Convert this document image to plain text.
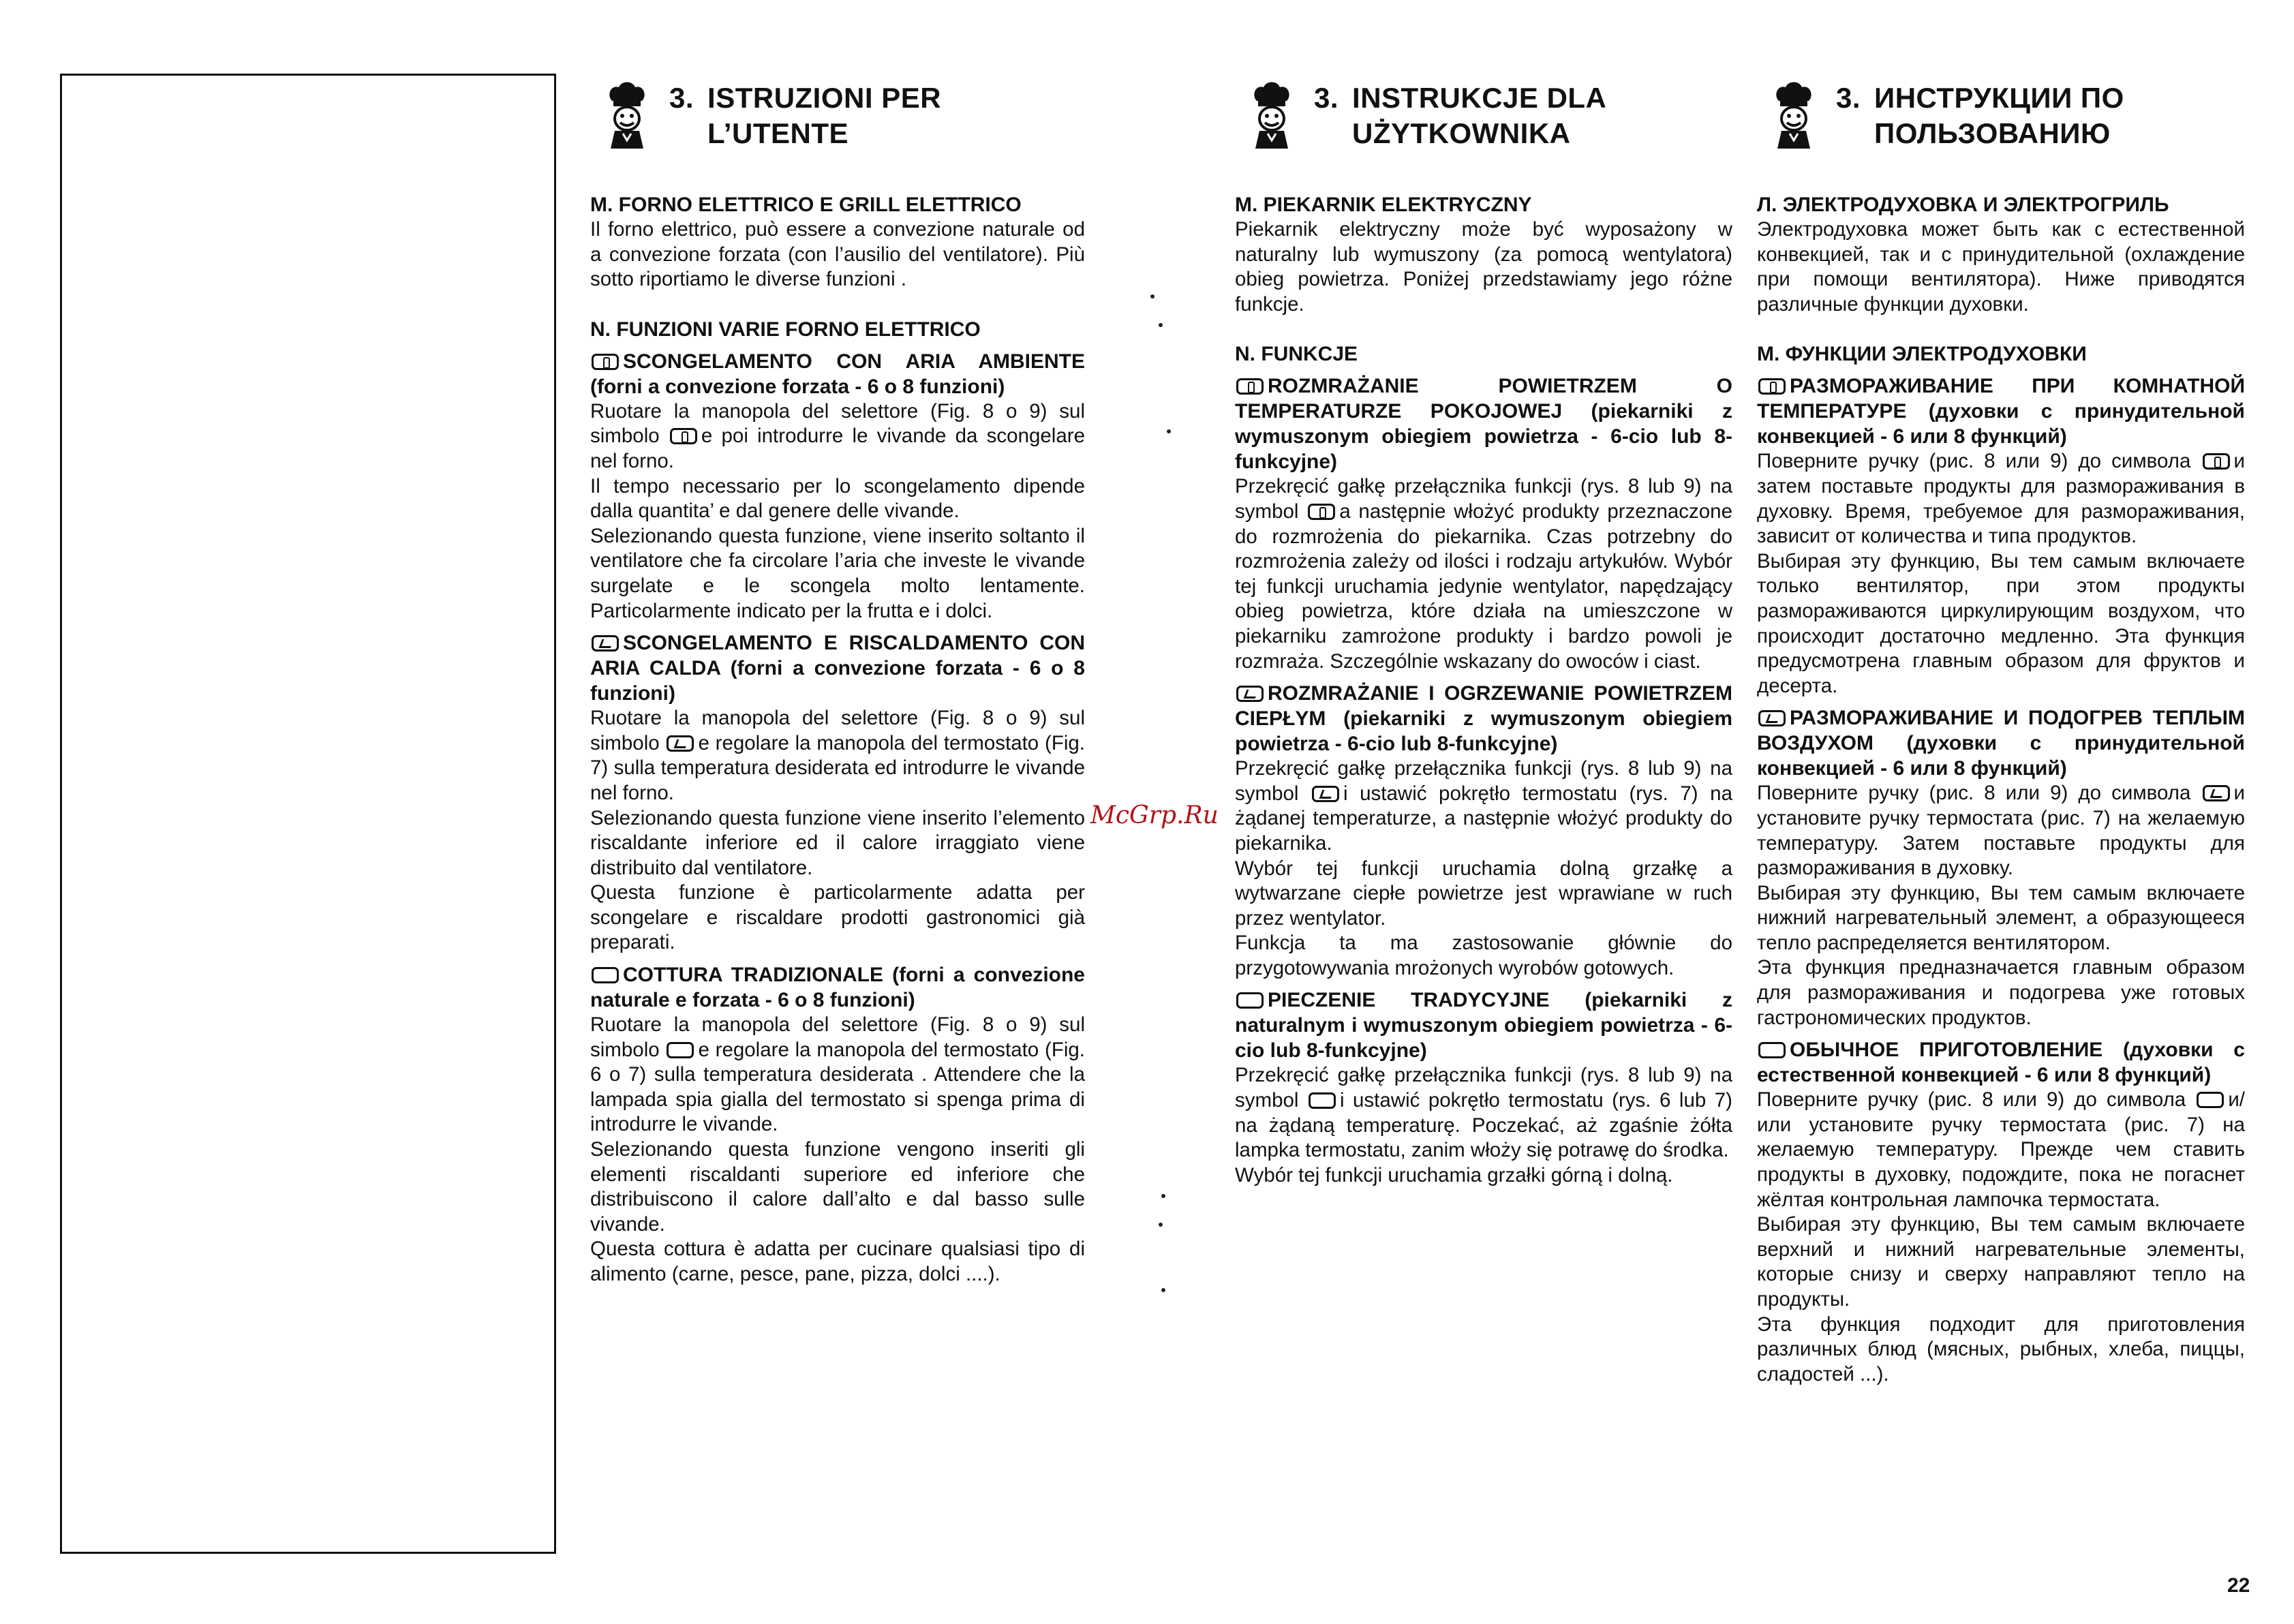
3. ISTRUZIONI PER
L’UTENTE
M. FORNO ELETTRICO E GRILL ELETTRICO

Il forno elettrico, può essere a convezione naturale od a convezione forzata (con l’ausilio del ventilatore). Più sotto riportiamo le diverse funzioni .

N. FUNZIONI VARIE FORNO ELETTRICO
SCONGELAMENTO CON ARIA AMBIENTE (forni a convezione forzata - 6 o 8 funzioni)

Ruotare la manopola del selettore (Fig. 8 o 9) sul simbolo e poi introdurre le vivande da scongelare nel forno.

Il tempo necessario per lo scongelamento dipende dalla quantita’ e dal genere delle vivande.

Selezionando questa funzione, viene inserito soltanto il ventilatore che fa circolare l’aria che investe le vivande surgelate e le scongela molto lentamente. Particolarmente indicato per la frutta e i dolci.

SCONGELAMENTO E RISCALDAMENTO CON ARIA CALDA (forni a convezione forzata - 6 o 8 funzioni)

Ruotare la manopola del selettore (Fig. 8 o 9) sul simbolo e regolare la manopola del termostato (Fig. 7) sulla temperatura desiderata ed introdurre le vivande nel forno.

Selezionando questa funzione viene inserito l’elemento riscaldante inferiore ed il calore irraggiato viene distribuito dal ventilatore.

Questa funzione è particolarmente adatta per scongelare e riscaldare prodotti gastronomici già preparati.

COTTURA TRADIZIONALE (forni a convezione naturale e forzata - 6 o 8 funzioni)

Ruotare la manopola del selettore (Fig. 8 o 9) sul simbolo e regolare la manopola del termostato (Fig. 6 o 7) sulla temperatura desiderata . Attendere che la lampada spia gialla del termostato si spenga prima di introdurre le vivande.

Selezionando questa funzione vengono inseriti gli elementi riscaldanti superiore ed inferiore che distribuiscono il calore dall’alto e dal basso sulle vivande.

Questa cottura è adatta per cucinare qualsiasi tipo di alimento (carne, pesce, pane, pizza, dolci ....).

3. INSTRUKCJE DLA
UŻYTKOWNIKA
M. PIEKARNIK ELEKTRYCZNY

Piekarnik elektryczny może być wyposażony w naturalny lub wymuszony (za pomocą wentylatora) obieg powietrza. Poniżej przedstawiamy jego różne funkcje.

N. FUNKCJE
ROZMRAŻANIE POWIETRZEM O TEMPERATURZE POKOJOWEJ (piekarniki z wymuszonym obiegiem powietrza - 6-cio lub 8-funkcyjne)

Przekręcić gałkę przełącznika funkcji (rys. 8 lub 9) na symbol a następnie włożyć produkty przeznaczone do rozmrożenia do piekarnika. Czas potrzebny do rozmrożenia zależy od ilości i rodzaju artykułów. Wybór tej funkcji uruchamia jedynie wentylator, napędzający obieg powietrza, które działa na umieszczone w piekarniku zamrożone produkty i bardzo powoli je rozmraża. Szczególnie wskazany do owoców i ciast.

ROZMRAŻANIE I OGRZEWANIE POWIETRZEM CIEPŁYM (piekarniki z wymuszonym obiegiem powietrza - 6-cio lub 8-funkcyjne)

Przekręcić gałkę przełącznika funkcji (rys. 8 lub 9) na symbol i ustawić pokrętło termostatu (rys. 7) na żądanej temperaturze, a następnie włożyć produkty do piekarnika.

Wybór tej funkcji uruchamia dolną grzałkę a wytwarzane ciepłe powietrze jest wprawiane w ruch przez wentylator.

Funkcja ta ma zastosowanie głównie do przygotowywania mrożonych wyrobów gotowych.

PIECZENIE TRADYCYJNE (piekarniki z naturalnym i wymuszonym obiegiem powietrza - 6-cio lub 8-funkcyjne)

Przekręcić gałkę przełącznika funkcji (rys. 8 lub 9) na symbol i ustawić pokrętło termostatu (rys. 6 lub 7) na żądaną temperaturę. Poczekać, aż zgaśnie żółta lampka termostatu, zanim włoży się potrawę do środka.

Wybór tej funkcji uruchamia grzałki górną i dolną.

3. ИНСТРУКЦИИ ПО
ПОЛЬЗОВАНИЮ
Л. ЭЛЕКТРОДУХОВКА И ЭЛЕКТРОГРИЛЬ

Электродуховка может быть как с естественной конвекцией, так и с принудительной (охлаждение при помощи вентилятора). Ниже приводятся различные функции духовки.

М. ФУНКЦИИ ЭЛЕКТРОДУХОВКИ
РАЗМОРАЖИВАНИЕ ПРИ КОМНАТНОЙ ТЕМПЕРАТУРЕ (духовки с принудительной конвекцией - 6 или 8 функций)

Поверните ручку (рис. 8 или 9) до символа и затем поставьте продукты для размораживания в духовку. Время, требуемое для размораживания, зависит от количества и типа продуктов.

Выбирая эту функцию, Вы тем самым включаете только вентилятор, при этом продукты размораживаются циркулирующим воздухом, что происходит достаточно медленно. Эта функция предусмотрена главным образом для фруктов и десерта.

РАЗМОРАЖИВАНИЕ И ПОДОГРЕВ ТЕПЛЫМ ВОЗДУХОМ (духовки с принудительной конвекцией - 6 или 8 функций)

Поверните ручку (рис. 8 или 9) до символа и установите ручку термостата (рис. 7) на желаемую температуру. Затем поставьте продукты для размораживания в духовку.

Выбирая эту функцию, Вы тем самым включаете нижний нагревательный элемент, а образующееся тепло распределяется вентилятором.

Эта функция предназначается главным образом для размораживания и подогрева уже готовых гастрономических продуктов.

ОБЫЧНОЕ ПРИГОТОВЛЕНИЕ (духовки с естественной конвекцией - 6 или 8 функций)

Поверните ручку (рис. 8 или 9) до символа и/или установите ручку термостата (рис. 7) на желаемую температуру. Прежде чем ставить продукты в духовку, подождите, пока не погаснет жёлтая контрольная лампочка термостата.

Выбирая эту функцию, Вы тем самым включаете верхний и нижний нагревательные элементы, которые снизу и сверху направляют тепло на продукты.

Эта функция подходит для приготовления различных блюд (мясных, рыбных, хлеба, пиццы, сладостей ...).

McGrp.Ru
22
